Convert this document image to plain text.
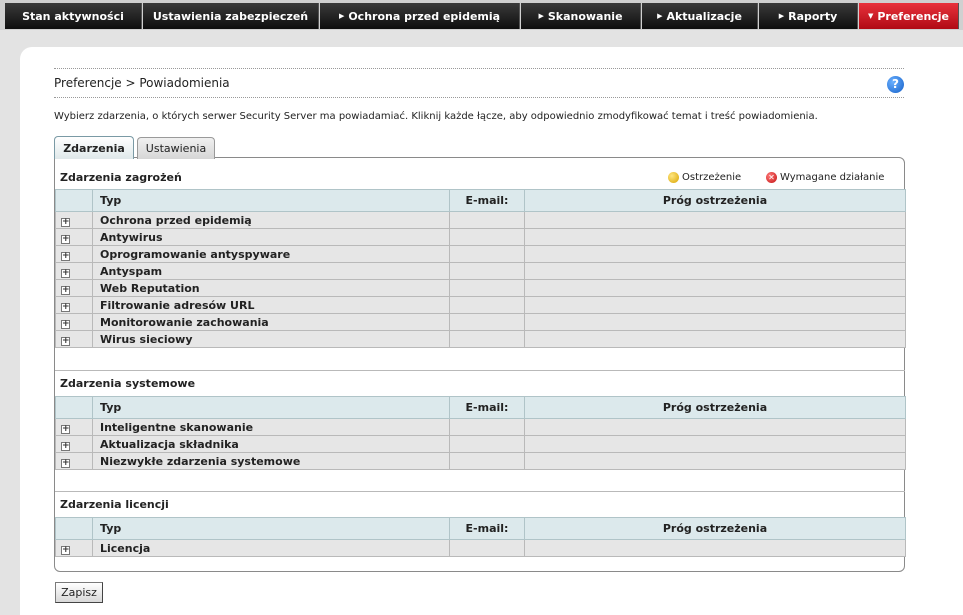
Stan aktywności	Ustawienia zabezpieczeń	▶ Ochrona przed epidemią	▶ Skanowanie	▶ Aktualizacje	▶ Raporty	▼ Preferencje
Preferencje > Powiadomienia	?
Wybierz zdarzenia, o których serwer Security Server ma powiadamiać. Kliknij każde łącze, aby odpowiednio zmodyfikować temat i treść powiadomienia.
Zdarzenia	Ustawienia
Zdarzenia zagrożeń	Ostrzeżenie	✕ Wymagane działanie
	Typ	E-mail:	Próg ostrzeżenia
+	Ochrona przed epidemią		
+	Antywirus		
+	Oprogramowanie antyspyware		
+	Antyspam		
+	Web Reputation		
+	Filtrowanie adresów URL		
+	Monitorowanie zachowania		
+	Wirus sieciowy		
Zdarzenia systemowe
	Typ	E-mail:	Próg ostrzeżenia
+	Inteligentne skanowanie		
+	Aktualizacja składnika		
+	Niezwykłe zdarzenia systemowe		
Zdarzenia licencji
	Typ	E-mail:	Próg ostrzeżenia
+	Licencja		
Zapisz
